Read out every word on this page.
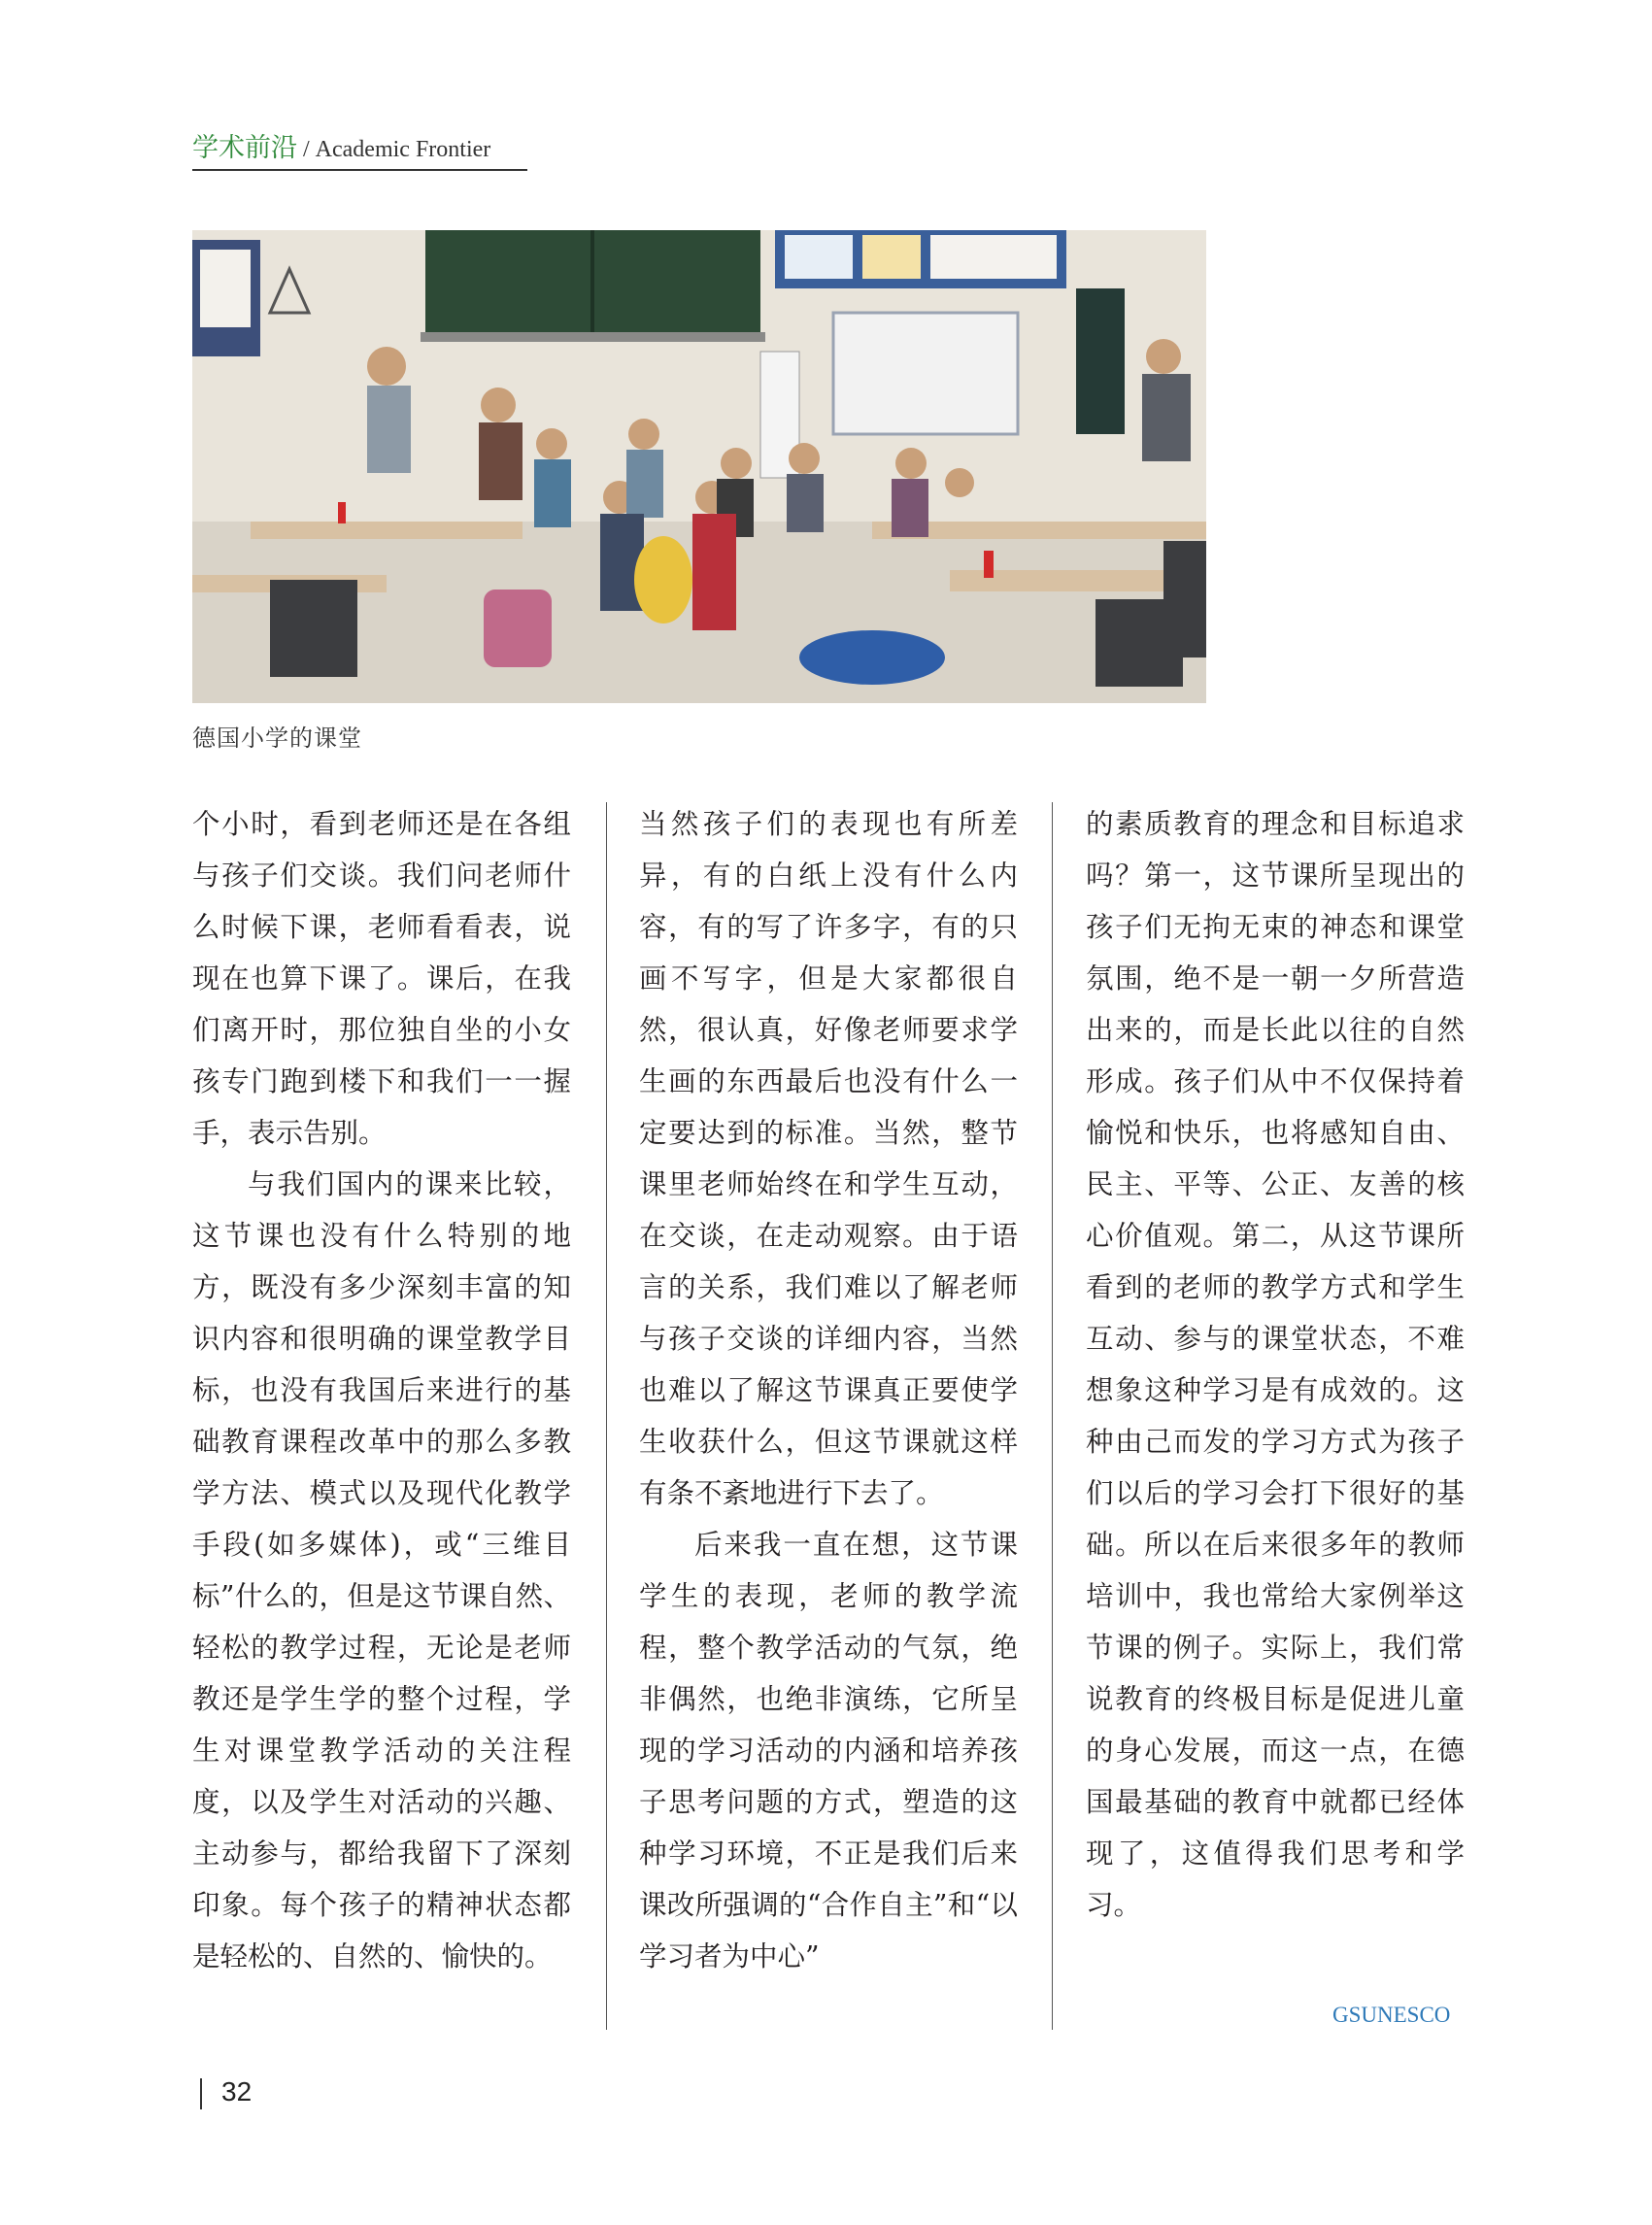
学术前沿 / Academic Frontier
德国小学的课堂

个小时，看到老师还是在各组与孩子们交谈。我们问老师什么时候下课，老师看看表，说现在也算下课了。课后，在我们离开时，那位独自坐的小女孩专门跑到楼下和我们一一握手，表示告别。

与我们国内的课来比较，这节课也没有什么特别的地方，既没有多少深刻丰富的知识内容和很明确的课堂教学目标，也没有我国后来进行的基础教育课程改革中的那么多教学方法、模式以及现代化教学手段(如多媒体)，或“三维目标”什么的，但是这节课自然、轻松的教学过程，无论是老师教还是学生学的整个过程，学生对课堂教学活动的关注程度，以及学生对活动的兴趣、主动参与，都给我留下了深刻印象。每个孩子的精神状态都是轻松的、自然的、愉快的。

当然孩子们的表现也有所差异，有的白纸上没有什么内容，有的写了许多字，有的只画不写字，但是大家都很自然，很认真，好像老师要求学生画的东西最后也没有什么一定要达到的标准。当然，整节课里老师始终在和学生互动，在交谈，在走动观察。由于语言的关系，我们难以了解老师与孩子交谈的详细内容，当然也难以了解这节课真正要使学生收获什么，但这节课就这样有条不紊地进行下去了。

后来我一直在想，这节课学生的表现，老师的教学流程，整个教学活动的气氛，绝非偶然，也绝非演练，它所呈现的学习活动的内涵和培养孩子思考问题的方式，塑造的这种学习环境，不正是我们后来课改所强调的“合作自主”和“以学习者为中心”

的素质教育的理念和目标追求吗？第一，这节课所呈现出的孩子们无拘无束的神态和课堂氛围，绝不是一朝一夕所营造出来的，而是长此以往的自然形成。孩子们从中不仅保持着愉悦和快乐，也将感知自由、民主、平等、公正、友善的核心价值观。第二，从这节课所看到的老师的教学方式和学生互动、参与的课堂状态，不难想象这种学习是有成效的。这种由己而发的学习方式为孩子们以后的学习会打下很好的基础。所以在后来很多年的教师培训中，我也常给大家例举这节课的例子。实际上，我们常说教育的终极目标是促进儿童的身心发展，而这一点，在德国最基础的教育中就都已经体现了，这值得我们思考和学习。

GSUNESCO
32
